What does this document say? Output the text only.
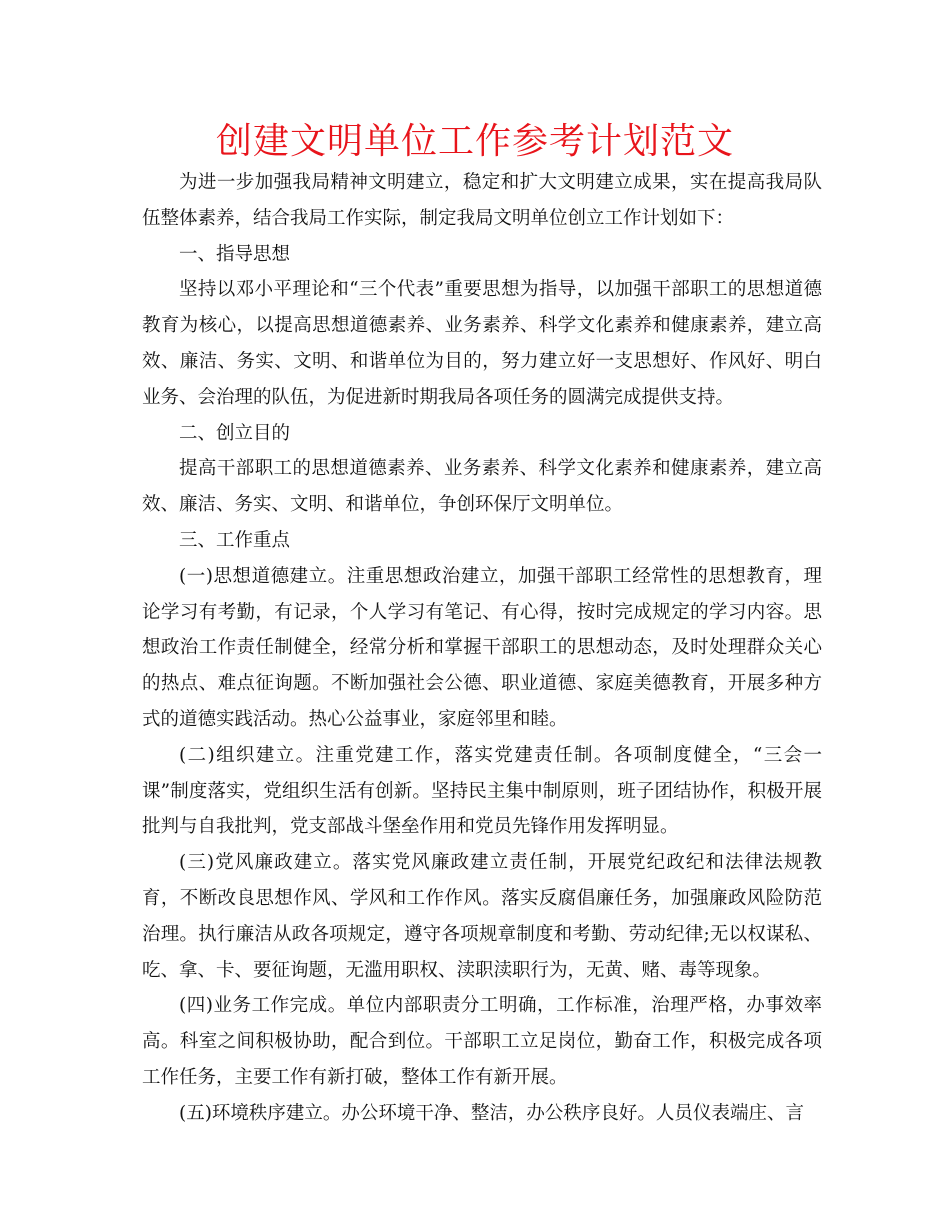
创建文明单位工作参考计划范文

为进一步加强我局精神文明建立，稳定和扩大文明建立成果，实在提高我局队伍整体素养，结合我局工作实际，制定我局文明单位创立工作计划如下：

一、指导思想

坚持以邓小平理论和“三个代表”重要思想为指导，以加强干部职工的思想道德教育为核心，以提高思想道德素养、业务素养、科学文化素养和健康素养，建立高效、廉洁、务实、文明、和谐单位为目的，努力建立好一支思想好、作风好、明白业务、会治理的队伍，为促进新时期我局各项任务的圆满完成提供支持。

二、创立目的

提高干部职工的思想道德素养、业务素养、科学文化素养和健康素养，建立高效、廉洁、务实、文明、和谐单位，争创环保厅文明单位。

三、工作重点

(一)思想道德建立。注重思想政治建立，加强干部职工经常性的思想教育，理论学习有考勤，有记录，个人学习有笔记、有心得，按时完成规定的学习内容。思想政治工作责任制健全，经常分析和掌握干部职工的思想动态，及时处理群众关心的热点、难点征询题。不断加强社会公德、职业道德、家庭美德教育，开展多种方式的道德实践活动。热心公益事业，家庭邻里和睦。

(二)组织建立。注重党建工作，落实党建责任制。各项制度健全，“三会一课”制度落实，党组织生活有创新。坚持民主集中制原则，班子团结协作，积极开展批判与自我批判，党支部战斗堡垒作用和党员先锋作用发挥明显。

(三)党风廉政建立。落实党风廉政建立责任制，开展党纪政纪和法律法规教育，不断改良思想作风、学风和工作作风。落实反腐倡廉任务，加强廉政风险防范治理。执行廉洁从政各项规定，遵守各项规章制度和考勤、劳动纪律;无以权谋私、吃、拿、卡、要征询题，无滥用职权、渎职渎职行为，无黄、赌、毒等现象。

(四)业务工作完成。单位内部职责分工明确，工作标准，治理严格，办事效率高。科室之间积极协助，配合到位。干部职工立足岗位，勤奋工作，积极完成各项工作任务，主要工作有新打破，整体工作有新开展。

(五)环境秩序建立。办公环境干净、整洁，办公秩序良好。人员仪表端庄、言
